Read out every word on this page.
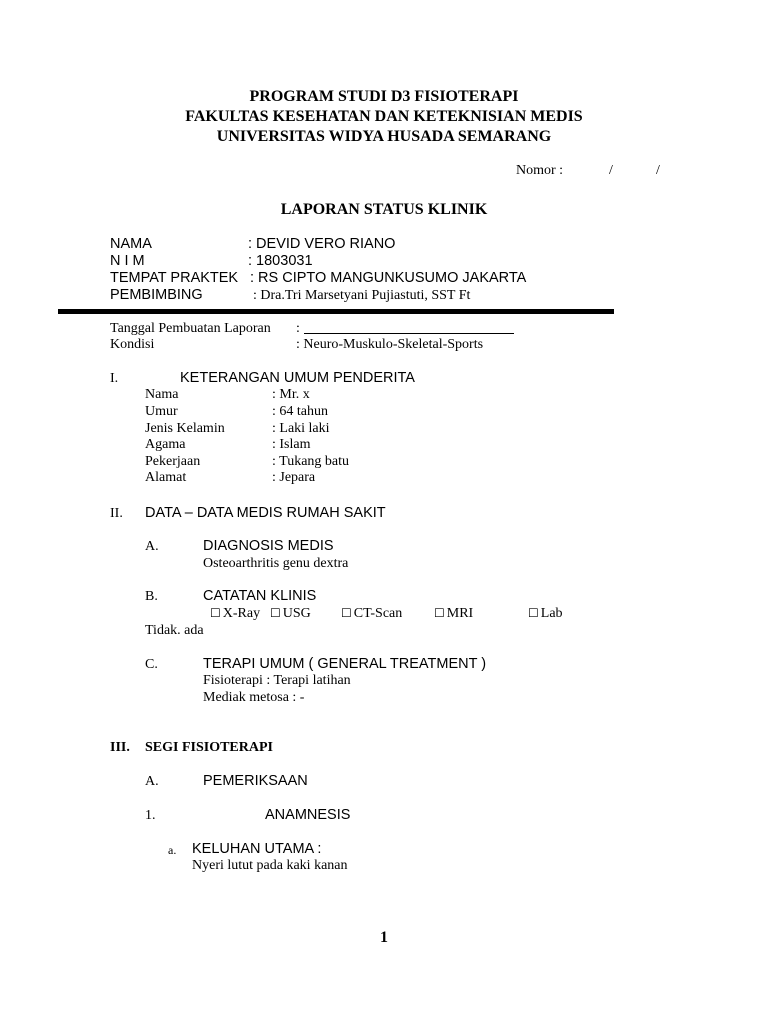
PROGRAM STUDI D3 FISIOTERAPI
FAKULTAS KESEHATAN DAN KETEKNISIAN MEDIS
UNIVERSITAS WIDYA HUSADA SEMARANG
Nomor :	/	/
LAPORAN STATUS KLINIK
NAMA	: DEVID VERO RIANO
N I M	: 1803031
TEMPAT PRAKTEK : RS CIPTO MANGUNKUSUMO JAKARTA
PEMBIMBING	: Dra.Tri Marsetyani Pujiastuti, SST Ft
Tanggal Pembuatan Laporan :
Kondisi	: Neuro-Muskulo-Skeletal-Sports
I.	KETERANGAN UMUM PENDERITA
Nama	: Mr. x
Umur	: 64 tahun
Jenis Kelamin	: Laki laki
Agama	: Islam
Pekerjaan	: Tukang batu
Alamat	: Jepara
II. DATA – DATA MEDIS RUMAH SAKIT
A.	DIAGNOSIS MEDIS
Osteoarthritis genu dextra
B.	CATATAN KLINIS
☐ X-Ray ☐ USG	☐ CT-Scan	☐ MRI	☐ Lab
Tidak. ada
C.	TERAPI UMUM ( GENERAL TREATMENT )
Fisioterapi : Terapi latihan
Mediak metosa : -
III. SEGI FISIOTERAPI
A.	PEMERIKSAAN
1.	ANAMNESIS
a. KELUHAN UTAMA :
Nyeri lutut pada kaki kanan
1
